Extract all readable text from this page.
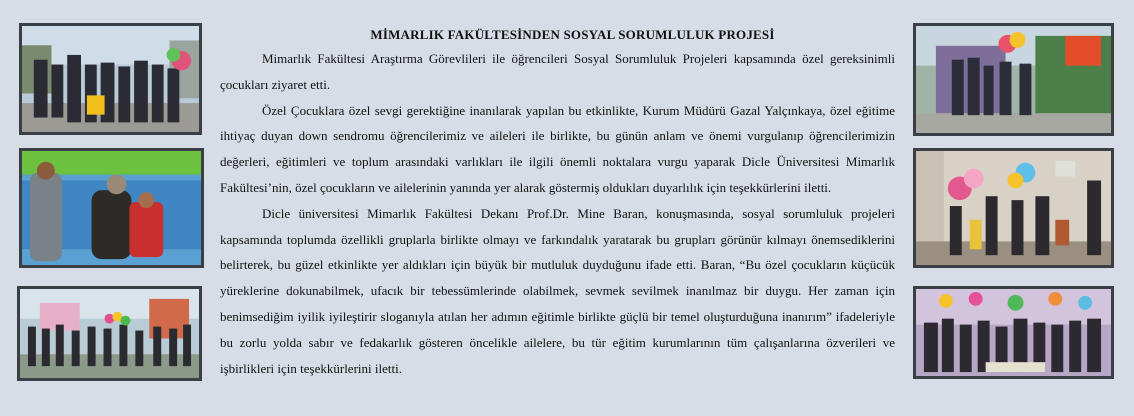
MİMARLIK FAKÜLTESİNDEN SOSYAL SORUMLULUK PROJESİ

Mimarlık Fakültesi Araştırma Görevlileri ile öğrencileri Sosyal Sorumluluk Projeleri kapsamında özel gereksinimli çocukları ziyaret etti.

Özel Çocuklara özel sevgi gerektiğine inanılarak yapılan bu etkinlikte, Kurum Müdürü Gazal Yalçınkaya, özel eğitime ihtiyaç duyan down sendromu öğrencilerimiz ve aileleri ile birlikte, bu günün anlam ve önemi vurgulanıp öğrencilerimizin değerleri, eğitimleri ve toplum arasındaki varlıkları ile ilgili önemli noktalara vurgu yaparak Dicle Üniversitesi Mimarlık Fakültesi’nin, özel çocukların ve ailelerinin yanında yer alarak göstermiş oldukları duyarlılık için teşekkürlerini iletti.

Dicle üniversitesi Mimarlık Fakültesi Dekanı Prof.Dr. Mine Baran, konuşmasında, sosyal sorumluluk projeleri kapsamında toplumda özellikli gruplarla birlikte olmayı ve farkındalık yaratarak bu grupları görünür kılmayı önemsediklerini belirterek, bu güzel etkinlikte yer aldıkları için büyük bir mutluluk duyduğunu ifade etti. Baran, “Bu özel çocukların küçücük yüreklerine dokunabilmek, ufacık bir tebessümlerinde olabilmek, sevmek sevilmek inanılmaz bir duygu. Her zaman için benimsediğim iyilik iyileştirir sloganıyla atılan her adımın eğitimle birlikte güçlü bir temel oluşturduğuna inanırım” ifadeleriyle bu zorlu yolda sabır ve fedakarlık gösteren öncelikle ailelere, bu tür eğitim kurumlarının tüm çalışanlarına özverileri ve işbirlikleri için teşekkürlerini iletti.
